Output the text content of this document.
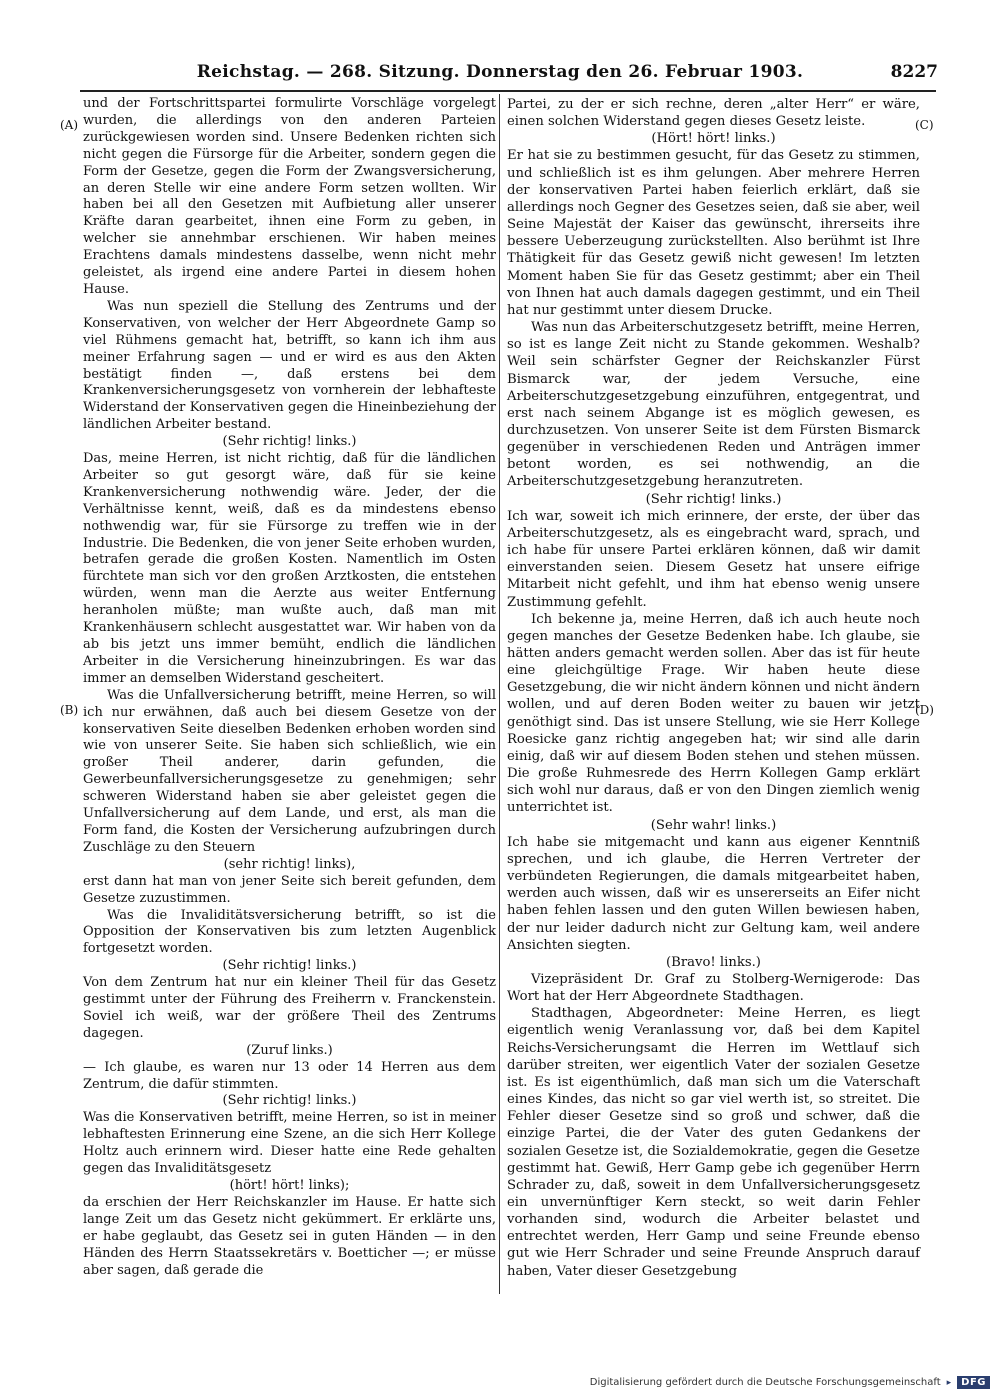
Reichstag. — 268. Sitzung. Donnerstag den 26. Februar 1903.	8227
(A)
(B)
(C)
(D)

und der Fortschrittspartei formulirte Vorschläge vorgelegt wurden, die allerdings von den anderen Parteien zurückgewiesen worden sind. Unsere Bedenken richten sich nicht gegen die Fürsorge für die Arbeiter, sondern gegen die Form der Gesetze, gegen die Form der Zwangsversicherung, an deren Stelle wir eine andere Form setzen wollten. Wir haben bei all den Gesetzen mit Aufbietung aller unserer Kräfte daran gearbeitet, ihnen eine Form zu geben, in welcher sie annehmbar erschienen. Wir haben meines Erachtens damals mindestens dasselbe, wenn nicht mehr geleistet, als irgend eine andere Partei in diesem hohen Hause.

Was nun speziell die Stellung des Zentrums und der Konservativen, von welcher der Herr Abgeordnete Gamp so viel Rühmens gemacht hat, betrifft, so kann ich ihm aus meiner Erfahrung sagen — und er wird es aus den Akten bestätigt finden —, daß erstens bei dem Krankenversicherungsgesetz von vornherein der lebhafteste Widerstand der Konservativen gegen die Hineinbeziehung der ländlichen Arbeiter bestand.

(Sehr richtig! links.)

Das, meine Herren, ist nicht richtig, daß für die ländlichen Arbeiter so gut gesorgt wäre, daß für sie keine Krankenversicherung nothwendig wäre. Jeder, der die Verhältnisse kennt, weiß, daß es da mindestens ebenso nothwendig war, für sie Fürsorge zu treffen wie in der Industrie. Die Bedenken, die von jener Seite erhoben wurden, betrafen gerade die großen Kosten. Namentlich im Osten fürchtete man sich vor den großen Arztkosten, die entstehen würden, wenn man die Aerzte aus weiter Entfernung heranholen müßte; man wußte auch, daß man mit Krankenhäusern schlecht ausgestattet war. Wir haben von da ab bis jetzt uns immer bemüht, endlich die ländlichen Arbeiter in die Versicherung hineinzubringen. Es war das immer an demselben Widerstand gescheitert.

Was die Unfallversicherung betrifft, meine Herren, so will ich nur erwähnen, daß auch bei diesem Gesetze von der konservativen Seite dieselben Bedenken erhoben worden sind wie von unserer Seite. Sie haben sich schließlich, wie ein großer Theil anderer, darin gefunden, die Gewerbeunfallversicherungsgesetze zu genehmigen; sehr schweren Widerstand haben sie aber geleistet gegen die Unfallversicherung auf dem Lande, und erst, als man die Form fand, die Kosten der Versicherung aufzubringen durch Zuschläge zu den Steuern

(sehr richtig! links),

erst dann hat man von jener Seite sich bereit gefunden, dem Gesetze zuzustimmen.

Was die Invaliditätsversicherung betrifft, so ist die Opposition der Konservativen bis zum letzten Augenblick fortgesetzt worden.

(Sehr richtig! links.)

Von dem Zentrum hat nur ein kleiner Theil für das Gesetz gestimmt unter der Führung des Freiherrn v. Franckenstein. Soviel ich weiß, war der größere Theil des Zentrums dagegen.

(Zuruf links.)

— Ich glaube, es waren nur 13 oder 14 Herren aus dem Zentrum, die dafür stimmten.

(Sehr richtig! links.)

Was die Konservativen betrifft, meine Herren, so ist in meiner lebhaftesten Erinnerung eine Szene, an die sich Herr Kollege Holtz auch erinnern wird. Dieser hatte eine Rede gehalten gegen das Invaliditätsgesetz

(hört! hört! links);

da erschien der Herr Reichskanzler im Hause. Er hatte sich lange Zeit um das Gesetz nicht gekümmert. Er erklärte uns, er habe geglaubt, das Gesetz sei in guten Händen — in den Händen des Herrn Staatssekretärs v. Boetticher —; er müsse aber sagen, daß gerade die

Partei, zu der er sich rechne, deren „alter Herr“ er wäre, einen solchen Widerstand gegen dieses Gesetz leiste.

(Hört! hört! links.)

Er hat sie zu bestimmen gesucht, für das Gesetz zu stimmen, und schließlich ist es ihm gelungen. Aber mehrere Herren der konservativen Partei haben feierlich erklärt, daß sie allerdings noch Gegner des Gesetzes seien, daß sie aber, weil Seine Majestät der Kaiser das gewünscht, ihrerseits ihre bessere Ueberzeugung zurückstellten. Also berühmt ist Ihre Thätigkeit für das Gesetz gewiß nicht gewesen! Im letzten Moment haben Sie für das Gesetz gestimmt; aber ein Theil von Ihnen hat auch damals dagegen gestimmt, und ein Theil hat nur gestimmt unter diesem Drucke.

Was nun das Arbeiterschutzgesetz betrifft, meine Herren, so ist es lange Zeit nicht zu Stande gekommen. Weshalb? Weil sein schärfster Gegner der Reichskanzler Fürst Bismarck war, der jedem Versuche, eine Arbeiterschutzgesetzgebung einzuführen, entgegentrat, und erst nach seinem Abgange ist es möglich gewesen, es durchzusetzen. Von unserer Seite ist dem Fürsten Bismarck gegenüber in verschiedenen Reden und Anträgen immer betont worden, es sei nothwendig, an die Arbeiterschutzgesetzgebung heranzutreten.

(Sehr richtig! links.)

Ich war, soweit ich mich erinnere, der erste, der über das Arbeiterschutzgesetz, als es eingebracht ward, sprach, und ich habe für unsere Partei erklären können, daß wir damit einverstanden seien. Diesem Gesetz hat unsere eifrige Mitarbeit nicht gefehlt, und ihm hat ebenso wenig unsere Zustimmung gefehlt.

Ich bekenne ja, meine Herren, daß ich auch heute noch gegen manches der Gesetze Bedenken habe. Ich glaube, sie hätten anders gemacht werden sollen. Aber das ist für heute eine gleichgültige Frage. Wir haben heute diese Gesetzgebung, die wir nicht ändern können und nicht ändern wollen, und auf deren Boden weiter zu bauen wir jetzt genöthigt sind. Das ist unsere Stellung, wie sie Herr Kollege Roesicke ganz richtig angegeben hat; wir sind alle darin einig, daß wir auf diesem Boden stehen und stehen müssen. Die große Ruhmesrede des Herrn Kollegen Gamp erklärt sich wohl nur daraus, daß er von den Dingen ziemlich wenig unterrichtet ist.

(Sehr wahr! links.)

Ich habe sie mitgemacht und kann aus eigener Kenntniß sprechen, und ich glaube, die Herren Vertreter der verbündeten Regierungen, die damals mitgearbeitet haben, werden auch wissen, daß wir es unsererseits an Eifer nicht haben fehlen lassen und den guten Willen bewiesen haben, der nur leider dadurch nicht zur Geltung kam, weil andere Ansichten siegten.

(Bravo! links.)

Vizepräsident Dr. Graf zu Stolberg-Wernigerode: Das Wort hat der Herr Abgeordnete Stadthagen.

Stadthagen, Abgeordneter: Meine Herren, es liegt eigentlich wenig Veranlassung vor, daß bei dem Kapitel Reichs-Versicherungsamt die Herren im Wettlauf sich darüber streiten, wer eigentlich Vater der sozialen Gesetze ist. Es ist eigenthümlich, daß man sich um die Vaterschaft eines Kindes, das nicht so gar viel werth ist, so streitet. Die Fehler dieser Gesetze sind so groß und schwer, daß die einzige Partei, die der Vater des guten Gedankens der sozialen Gesetze ist, die Sozialdemokratie, gegen die Gesetze gestimmt hat. Gewiß, Herr Gamp gebe ich gegenüber Herrn Schrader zu, daß, soweit in dem Unfallversicherungsgesetz ein unvernünftiger Kern steckt, so weit darin Fehler vorhanden sind, wodurch die Arbeiter belastet und entrechtet werden, Herr Gamp und seine Freunde ebenso gut wie Herr Schrader und seine Freunde Anspruch darauf haben, Vater dieser Gesetzgebung

Digitalisierung gefördert durch die Deutsche Forschungsgemeinschaft ▸	DFG
